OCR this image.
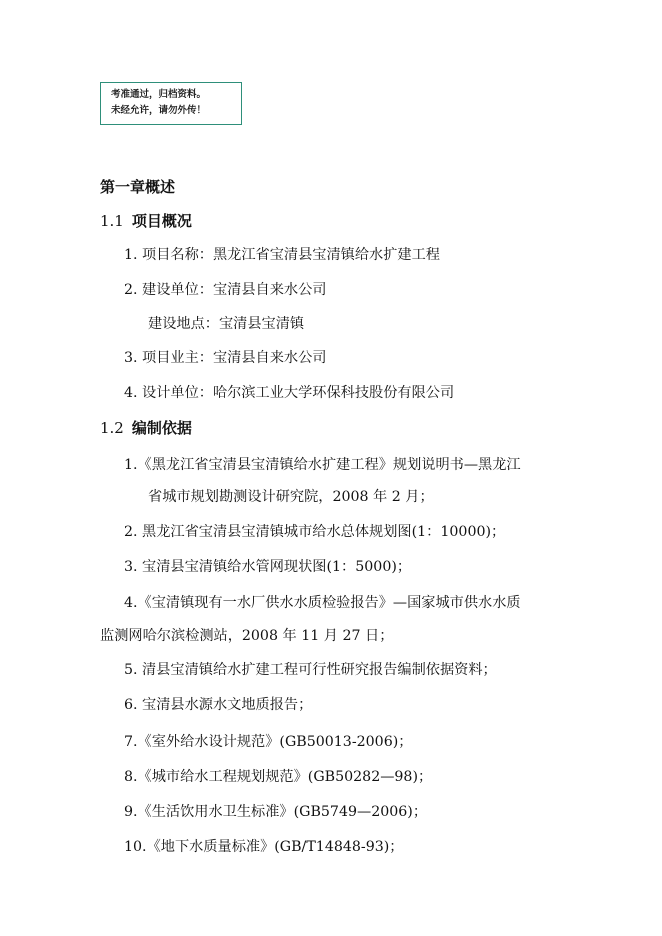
考准通过，归档资料。
未经允许，请勿外传！
第一章概述
1.1 项目概况
1. 项目名称：黑龙江省宝清县宝清镇给水扩建工程
2. 建设单位：宝清县自来水公司
建设地点：宝清县宝清镇
3. 项目业主：宝清县自来水公司
4. 设计单位：哈尔滨工业大学环保科技股份有限公司
1.2 编制依据
1.《黑龙江省宝清县宝清镇给水扩建工程》规划说明书—黑龙江
省城市规划勘测设计研究院，2008 年 2 月；
2. 黑龙江省宝清县宝清镇城市给水总体规划图(1：10000)；
3. 宝清县宝清镇给水管网现状图(1：5000)；
4.《宝清镇现有一水厂供水水质检验报告》—国家城市供水水质
监测网哈尔滨检测站，2008 年 11 月 27 日；
5. 清县宝清镇给水扩建工程可行性研究报告编制依据资料；
6. 宝清县水源水文地质报告；
7.《室外给水设计规范》(GB50013-2006)；
8.《城市给水工程规划规范》(GB50282—98)；
9.《生活饮用水卫生标准》(GB5749—2006)；
10.《地下水质量标准》(GB/T14848-93)；
